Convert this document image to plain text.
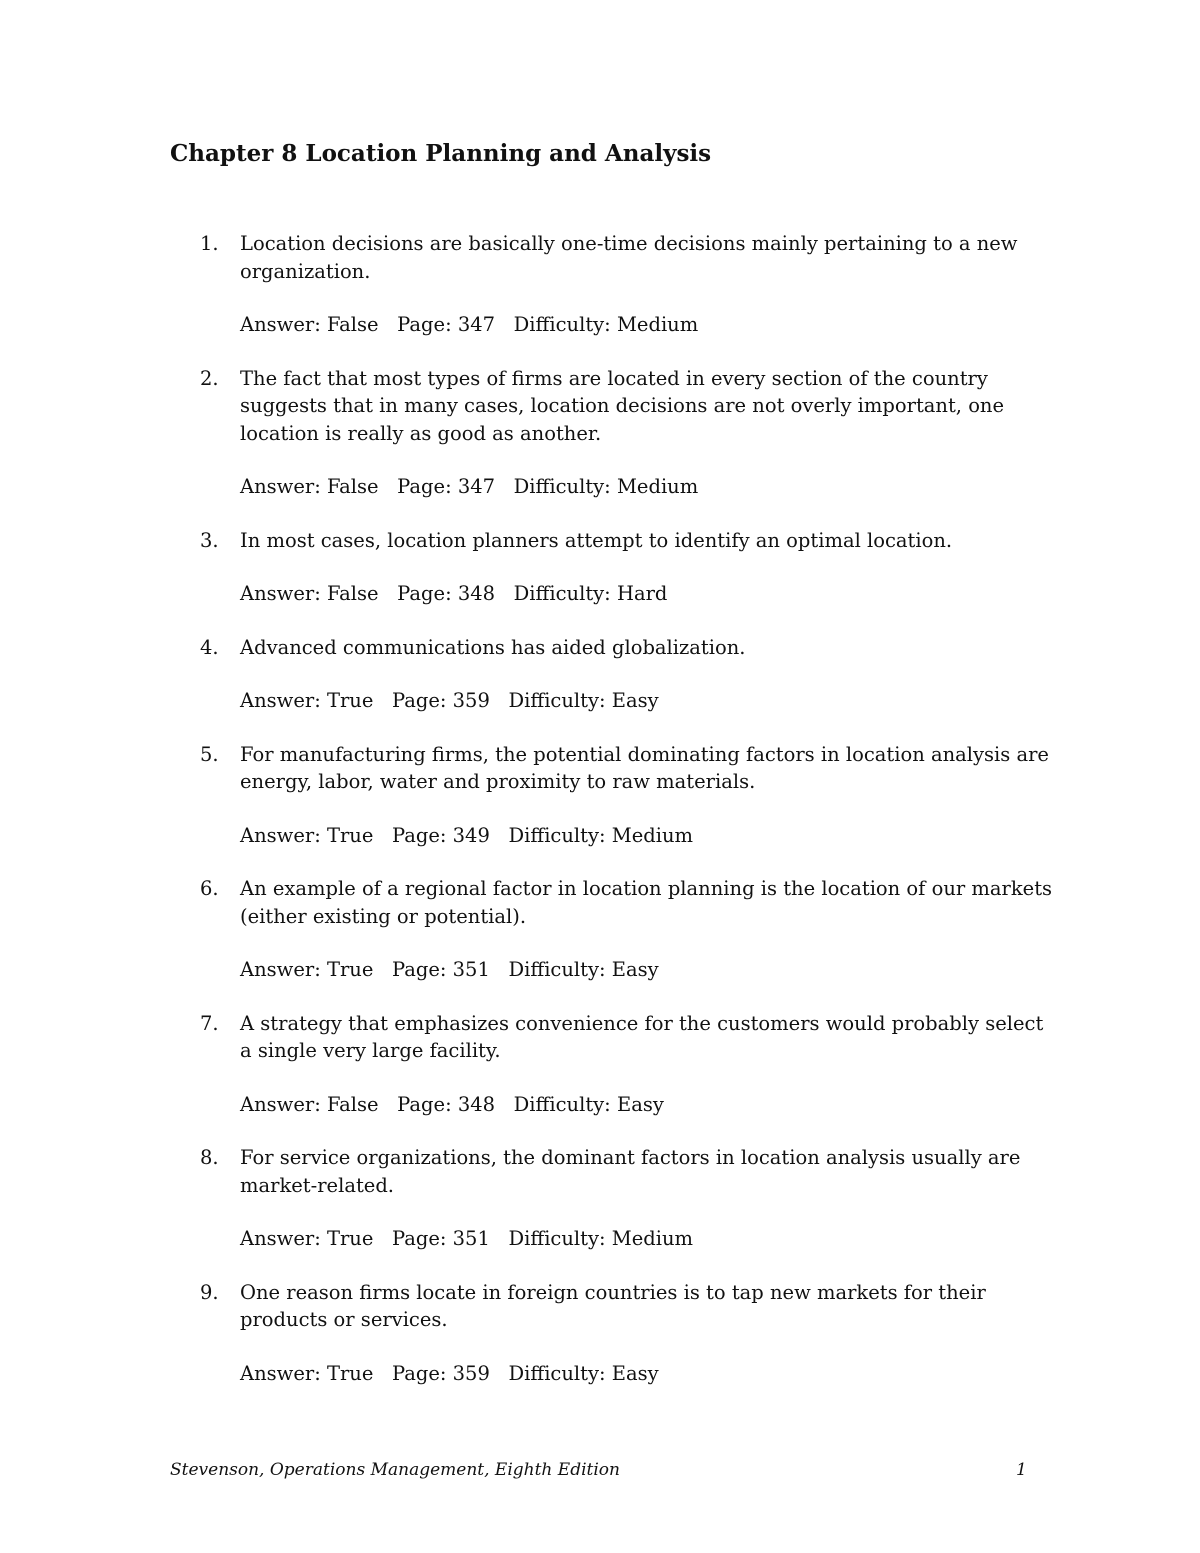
Chapter 8 Location Planning and Analysis
1.	Location decisions are basically one-time decisions mainly pertaining to a new organization.
Answer: False   Page: 347   Difficulty: Medium
2.	The fact that most types of firms are located in every section of the country suggests that in many cases, location decisions are not overly important, one location is really as good as another.
Answer: False   Page: 347   Difficulty: Medium
3.	In most cases, location planners attempt to identify an optimal location.
Answer: False   Page: 348   Difficulty: Hard
4.	Advanced communications has aided globalization.
Answer: True   Page: 359   Difficulty: Easy
5.	For manufacturing firms, the potential dominating factors in location analysis are energy, labor, water and proximity to raw materials.
Answer: True   Page: 349   Difficulty: Medium
6.	An example of a regional factor in location planning is the location of our markets (either existing or potential).
Answer: True   Page: 351   Difficulty: Easy
7.	A strategy that emphasizes convenience for the customers would probably select a single very large facility.
Answer: False   Page: 348   Difficulty: Easy
8.	For service organizations, the dominant factors in location analysis usually are market-related.
Answer: True   Page: 351   Difficulty: Medium
9.	One reason firms locate in foreign countries is to tap new markets for their products or services.
Answer: True   Page: 359   Difficulty: Easy
Stevenson, Operations Management, Eighth Edition	1
